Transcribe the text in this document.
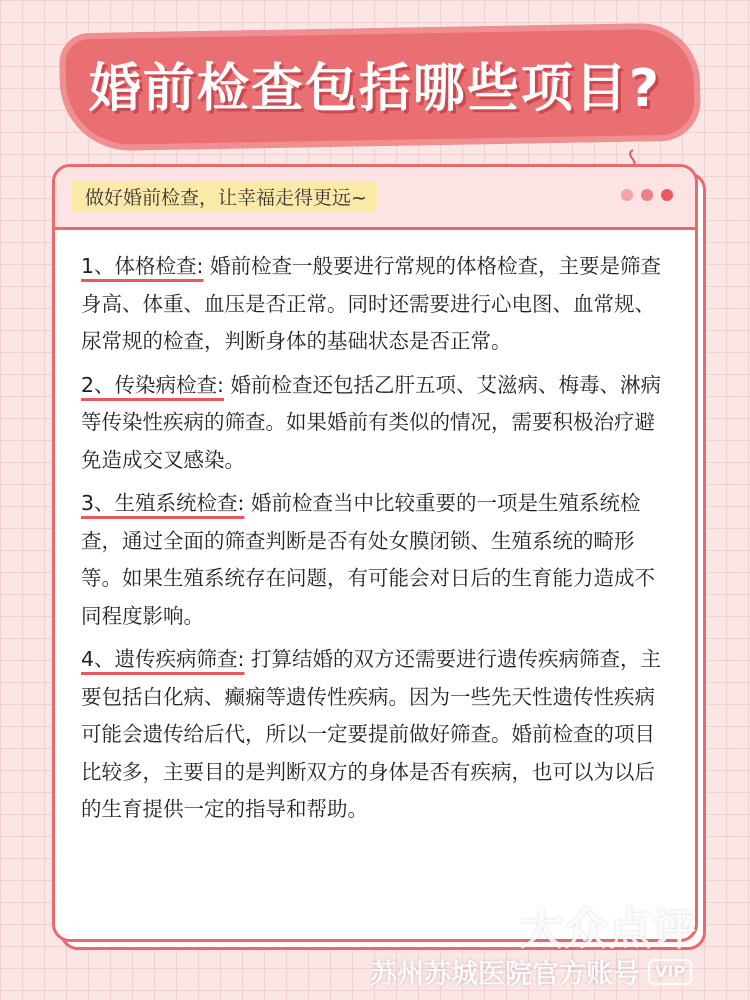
婚前检查包括哪些项目?
做好婚前检查，让幸福走得更远~

1、体格检查: 婚前检查一般要进行常规的体格检查，主要是筛查身高、体重、血压是否正常。同时还需要进行心电图、血常规、尿常规的检查，判断身体的基础状态是否正常。

2、传染病检查: 婚前检查还包括乙肝五项、艾滋病、梅毒、淋病等传染性疾病的筛查。如果婚前有类似的情况，需要积极治疗避免造成交叉感染。

3、生殖系统检查: 婚前检查当中比较重要的一项是生殖系统检查，通过全面的筛查判断是否有处女膜闭锁、生殖系统的畸形等。如果生殖系统存在问题，有可能会对日后的生育能力造成不同程度影响。

4、遗传疾病筛查: 打算结婚的双方还需要进行遗传疾病筛查，主要包括白化病、癫痫等遗传性疾病。因为一些先天性遗传性疾病可能会遗传给后代，所以一定要提前做好筛查。婚前检查的项目比较多，主要目的是判断双方的身体是否有疾病，也可以为以后的生育提供一定的指导和帮助。

大众点评
苏州苏城医院官方账号 VIP
